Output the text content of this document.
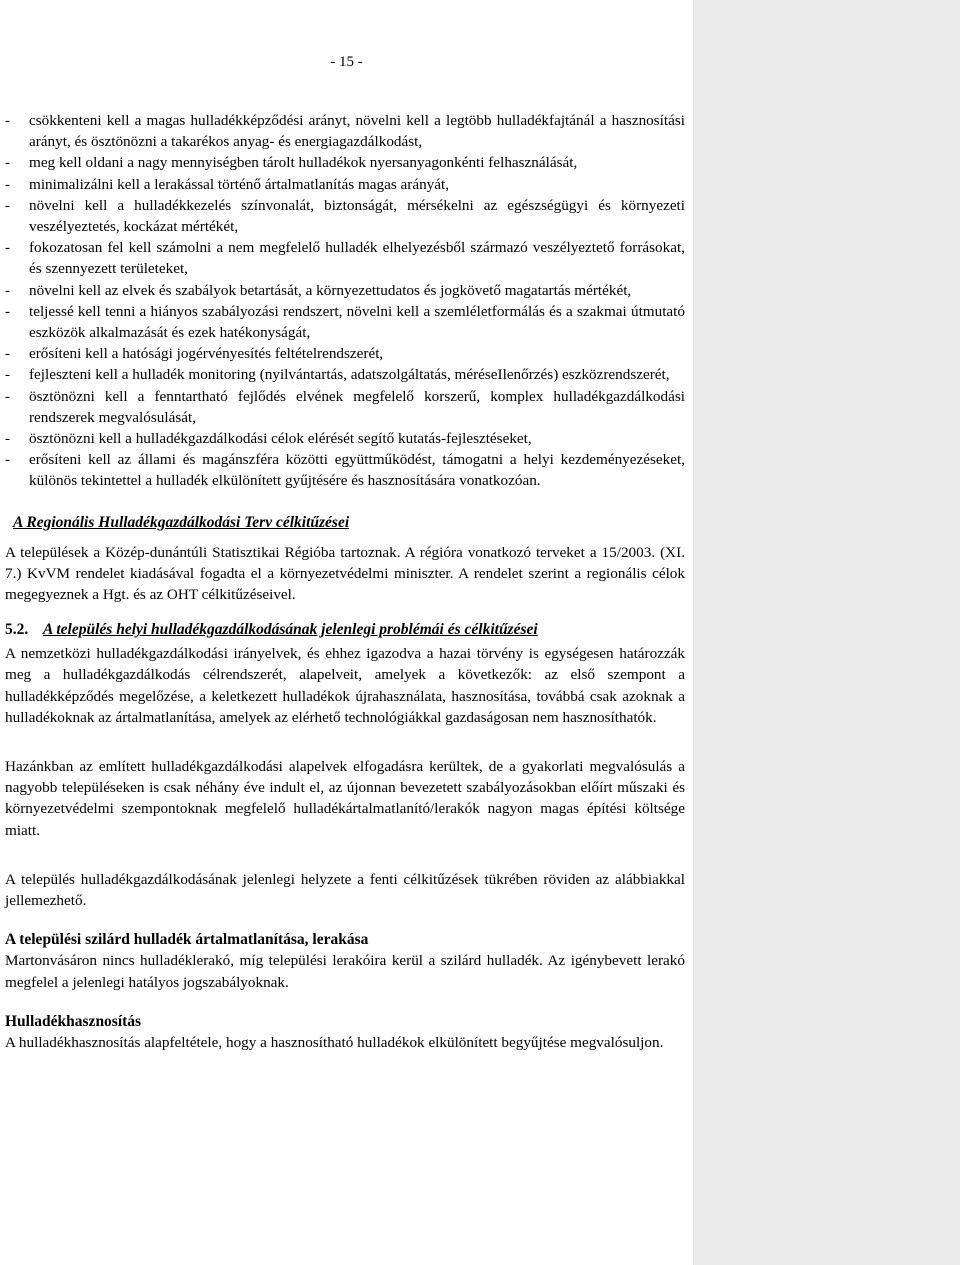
- 15 -
- csökkenteni kell a magas hulladékképződési arányt, növelni kell a legtöbb hulladékfajtánál a hasznosítási arányt, és ösztönözni a takarékos anyag- és energiagazdálkodást,
- meg kell oldani a nagy mennyiségben tárolt hulladékok nyersanyagonkénti felhasználását,
- minimalizálni kell a lerakással történő ártalmatlanítás magas arányát,
- növelni kell a hulladékkezelés színvonalát, biztonságát, mérsékelni az egészségügyi és környezeti veszélyeztetés, kockázat mértékét,
- fokozatosan fel kell számolni a nem megfelelő hulladék elhelyezésből származó veszélyeztető forrásokat, és szennyezett területeket,
- növelni kell az elvek és szabályok betartását, a környezettudatos és jogkövető magatartás mértékét,
- teljessé kell tenni a hiányos szabályozási rendszert, növelni kell a szemléletformálás és a szakmai útmutató eszközök alkalmazását és ezek hatékonyságát,
- erősíteni kell a hatósági jogérvényesítés feltételrendszerét,
- fejleszteni kell a hulladék monitoring (nyilvántartás, adatszolgáltatás, méréseIlenőrzés) eszközrendszerét,
- ösztönözni kell a fenntartható fejlődés elvének megfelelő korszerű, komplex hulladékgazdálkodási rendszerek megvalósulását,
- ösztönözni kell a hulladékgazdálkodási célok elérését segítő kutatás-fejlesztéseket,
- erősíteni kell az állami és magánszféra közötti együttműködést, támogatni a helyi kezdeményezéseket, különös tekintettel a hulladék elkülönített gyűjtésére és hasznosítására vonatkozóan.
A Regionális Hulladékgazdálkodási Terv célkitűzései

A települések a Közép-dunántúli Statisztikai Régióba tartoznak. A régióra vonatkozó terveket a 15/2003. (XI. 7.) KvVM rendelet kiadásával fogadta el a környezetvédelmi miniszter. A rendelet szerint a regionális célok megegyeznek a Hgt. és az OHT célkitűzéseivel.

5.2. A település helyi hulladékgazdálkodásának jelenlegi problémái és célkitűzései

A nemzetközi hulladékgazdálkodási irányelvek, és ehhez igazodva a hazai törvény is egységesen határozzák meg a hulladékgazdálkodás célrendszerét, alapelveit, amelyek a következők: az első szempont a hulladékképződés megelőzése, a keletkezett hulladékok újrahasználata, hasznosítása, továbbá csak azoknak a hulladékoknak az ártalmatlanítása, amelyek az elérhető technológiákkal gazdaságosan nem hasznosíthatók.

Hazánkban az említett hulladékgazdálkodási alapelvek elfogadásra kerültek, de a gyakorlati megvalósulás a nagyobb településeken is csak néhány éve indult el, az újonnan bevezetett szabályozásokban előírt műszaki és környezetvédelmi szempontoknak megfelelő hulladékártalmatlanító/lerakók nagyon magas építési költsége miatt.

A település hulladékgazdálkodásának jelenlegi helyzete a fenti célkitűzések tükrében röviden az alábbiakkal jellemezhető.

A települési szilárd hulladék ártalmatlanítása, lerakása

Martonvásáron nincs hulladéklerakó, míg települési lerakóira kerül a szilárd hulladék. Az igénybevett lerakó megfelel a jelenlegi hatályos jogszabályoknak.

Hulladékhasznosítás

A hulladékhasznosítás alapfeltétele, hogy a hasznosítható hulladékok elkülönített begyűjtése megvalósuljon.
